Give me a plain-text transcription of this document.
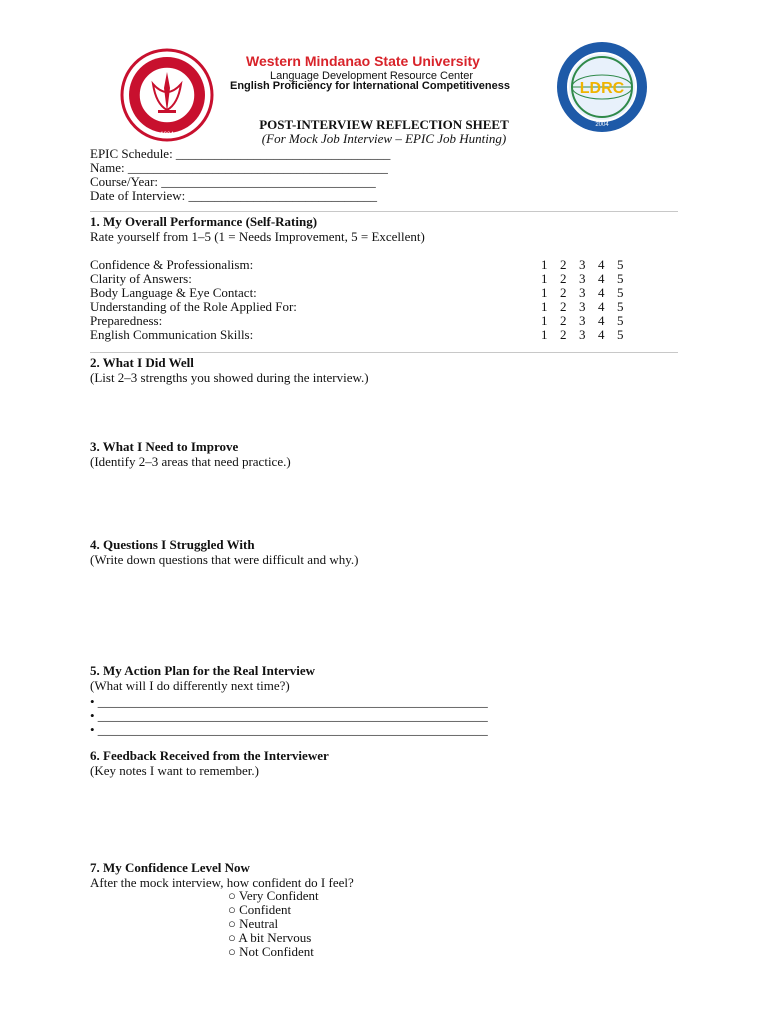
1904
Western Mindanao State University
Language Development Resource Center
English Proficiency for International Competitiveness	LDRC
2004
POST-INTERVIEW REFLECTION SHEET
(For Mock Job Interview – EPIC Job Hunting)
EPIC Schedule: _________________________________
Name: ________________________________________
Course/Year: _________________________________
Date of Interview: _____________________________
1. My Overall Performance (Self-Rating)
Rate yourself from 1–5 (1 = Needs Improvement, 5 = Excellent)
Confidence & Professionalism:
Clarity of Answers:
Body Language & Eye Contact:
Understanding of the Role Applied For:
Preparedness:
English Communication Skills:
1 2 3 4 5
1 2 3 4 5
1 2 3 4 5
1 2 3 4 5
1 2 3 4 5
1 2 3 4 5
2. What I Did Well
(List 2–3 strengths you showed during the interview.)
3. What I Need to Improve
(Identify 2–3 areas that need practice.)
4. Questions I Struggled With
(Write down questions that were difficult and why.)
5. My Action Plan for the Real Interview
(What will I do differently next time?)
• ____________________________________________________________
• ____________________________________________________________
• ____________________________________________________________
6. Feedback Received from the Interviewer
(Key notes I want to remember.)
7. My Confidence Level Now
After the mock interview, how confident do I feel?
○ Very Confident
○ Confident
○ Neutral
○ A bit Nervous
○ Not Confident
